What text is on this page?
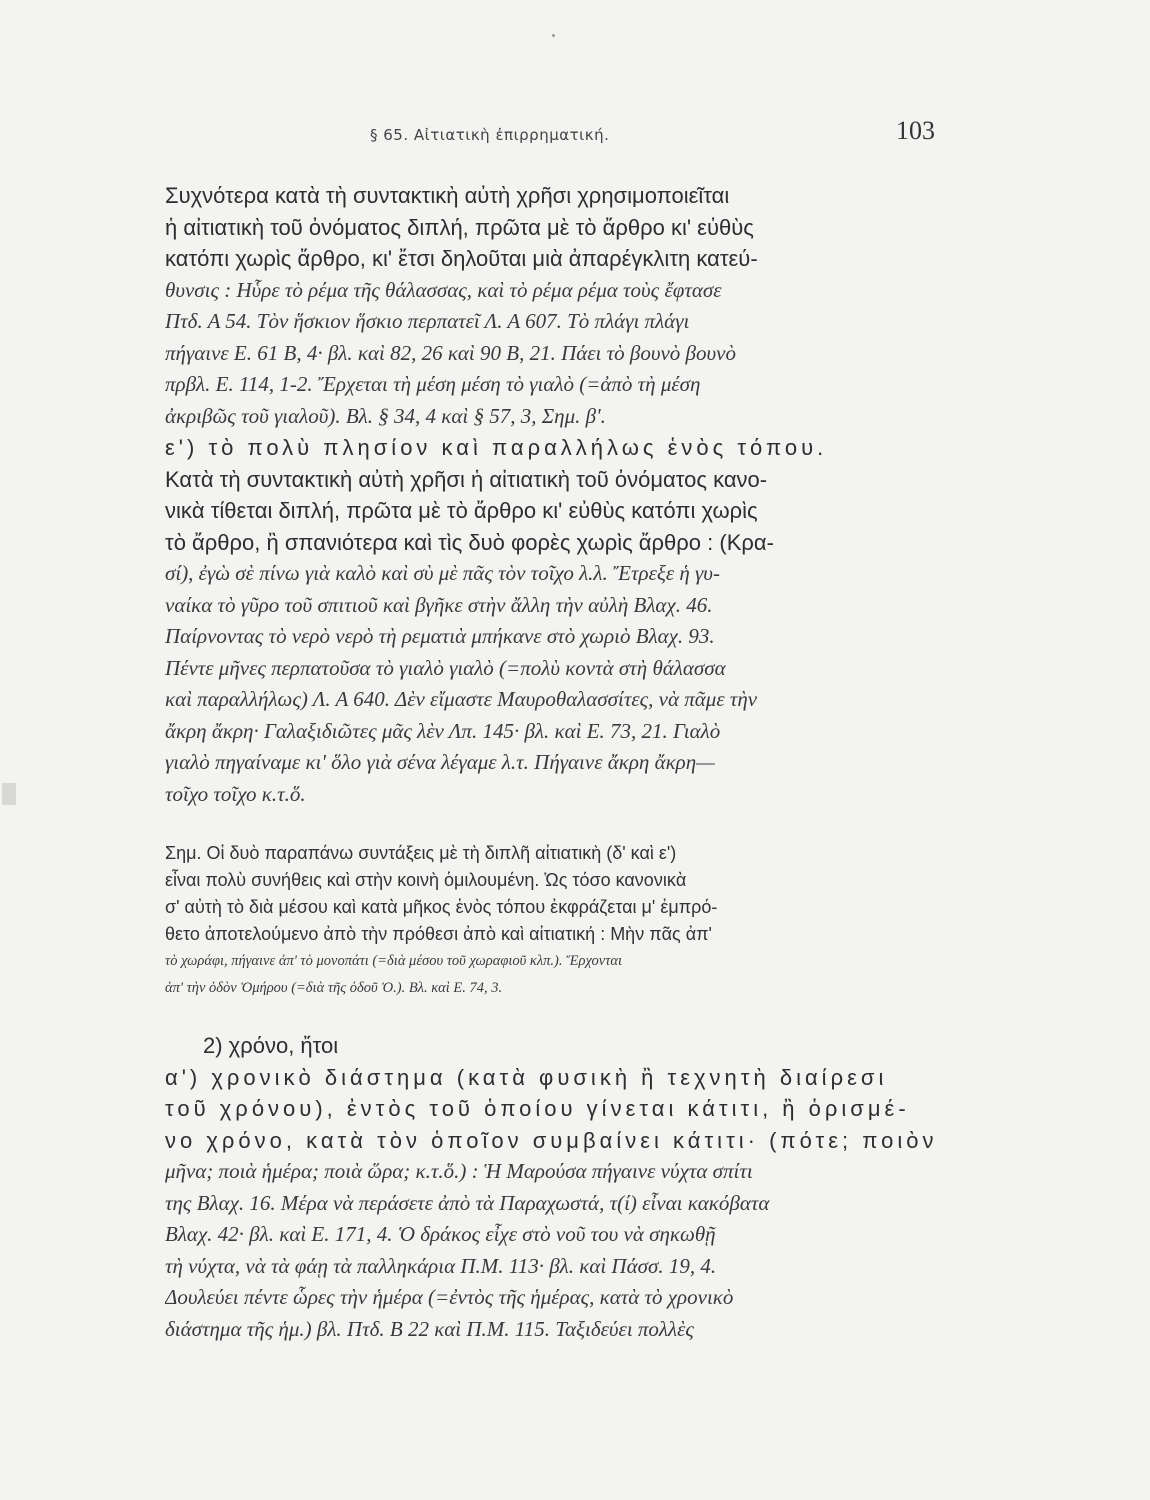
§ 65. Αἰτιατικὴ ἐπιρρηματική.	103
Συχνότερα κατὰ τὴ συντακτικὴ αὐτὴ χρῆσι χρησιμοποιεῖται
ἡ αἰτιατικὴ τοῦ ὀνόματος διπλή, πρῶτα μὲ τὸ ἄρθρο κι' εὐθὺς
κατόπι χωρὶς ἄρθρο, κι' ἔτσι δηλοῦται μιὰ ἀπαρέγκλιτη κατεύ-
θυνσις : Ηὗρε τὸ ρέμα τῆς θάλασσας, καὶ τὸ ρέμα ρέμα τοὺς ἔφτασε
Πτδ. Α 54. Τὸν ἥσκιον ἥσκιο περπατεῖ Λ. Α 607. Τὸ πλάγι πλάγι
πήγαινε Ε. 61 Β, 4· βλ. καὶ 82, 26 καὶ 90 Β, 21. Πάει τὸ βουνὸ βουνὸ
πρβλ. Ε. 114, 1-2. Ἔρχεται τὴ μέση μέση τὸ γιαλὸ (=ἀπὸ τὴ μέση
ἀκριβῶς τοῦ γιαλοῦ). Βλ. § 34, 4 καὶ § 57, 3, Σημ. β'.
ε') τὸ πολὺ πλησίον καὶ παραλλήλως ἑνὸς τόπου.
Κατὰ τὴ συντακτικὴ αὐτὴ χρῆσι ἡ αἰτιατικὴ τοῦ ὀνόματος κανο-
νικὰ τίθεται διπλή, πρῶτα μὲ τὸ ἄρθρο κι' εὐθὺς κατόπι χωρὶς
τὸ ἄρθρο, ἢ σπανιότερα καὶ τὶς δυὸ φορὲς χωρὶς ἄρθρο : (Κρα-
σί), ἐγὼ σὲ πίνω γιὰ καλὸ καὶ σὺ μὲ πᾶς τὸν τοῖχο λ.λ. Ἔτρεξε ἡ γυ-
ναίκα τὸ γῦρο τοῦ σπιτιοῦ καὶ βγῆκε στὴν ἄλλη τὴν αὐλὴ Βλαχ. 46.
Παίρνοντας τὸ νερὸ νερὸ τὴ ρεματιὰ μπήκανε στὸ χωριὸ Βλαχ. 93.
Πέντε μῆνες περπατοῦσα τὸ γιαλὸ γιαλὸ (=πολὺ κοντὰ στὴ θάλασσα
καὶ παραλλήλως) Λ. Α 640. Δὲν εἴμαστε Μαυροθαλασσίτες, νὰ πᾶμε τὴν
ἄκρη ἄκρη· Γαλαξιδιῶτες μᾶς λὲν Λπ. 145· βλ. καὶ Ε. 73, 21. Γιαλὸ
γιαλὸ πηγαίναμε κι' ὅλο γιὰ σένα λέγαμε λ.τ. Πήγαινε ἄκρη ἄκρη—
τοῖχο τοῖχο κ.τ.ὅ.
Σημ. Οἱ δυὸ παραπάνω συντάξεις μὲ τὴ διπλῆ αἰτιατικὴ (δ' καὶ ε')
εἶναι πολὺ συνήθεις καὶ στὴν κοινὴ ὁμιλουμένη. Ὡς τόσο κανονικὰ
σ' αὐτὴ τὸ διὰ μέσου καὶ κατὰ μῆκος ἑνὸς τόπου ἐκφράζεται μ' ἐμπρό-
θετο ἀποτελούμενο ἀπὸ τὴν πρόθεσι ἀπὸ καὶ αἰτιατική : Μὴν πᾶς ἀπ'
τὸ χωράφι, πήγαινε ἀπ' τὸ μονοπάτι (=διὰ μέσου τοῦ χωραφιοῦ κλπ.). Ἔρχονται
ἀπ' τὴν ὁδὸν Ὁμήρου (=διὰ τῆς ὁδοῦ Ὁ.). Βλ. καὶ Ε. 74, 3.
2) χρόνο, ἤτοι
α') χρονικὸ διάστημα (κατὰ φυσικὴ ἢ τεχνητὴ διαίρεσι
τοῦ χρόνου), ἐντὸς τοῦ ὁποίου γίνεται κάτιτι, ἢ ὁρισμέ-
νο χρόνο, κατὰ τὸν ὁποῖον συμβαίνει κάτιτι· (πότε; ποιὸν
μῆνα; ποιὰ ἡμέρα; ποιὰ ὥρα; κ.τ.ὅ.) : Ἡ Μαρούσα πήγαινε νύχτα σπίτι
της Βλαχ. 16. Μέρα νὰ περάσετε ἀπὸ τὰ Παραχωστά, τ(ί) εἶναι κακόβατα
Βλαχ. 42· βλ. καὶ Ε. 171, 4. Ὁ δράκος εἶχε στὸ νοῦ του νὰ σηκωθῇ
τὴ νύχτα, νὰ τὰ φάῃ τὰ παλληκάρια Π.Μ. 113· βλ. καὶ Πάσσ. 19, 4.
Δουλεύει πέντε ὧρες τὴν ἡμέρα (=ἐντὸς τῆς ἡμέρας, κατὰ τὸ χρονικὸ
διάστημα τῆς ἡμ.) βλ. Πτδ. Β 22 καὶ Π.Μ. 115. Ταξιδεύει πολλὲς
